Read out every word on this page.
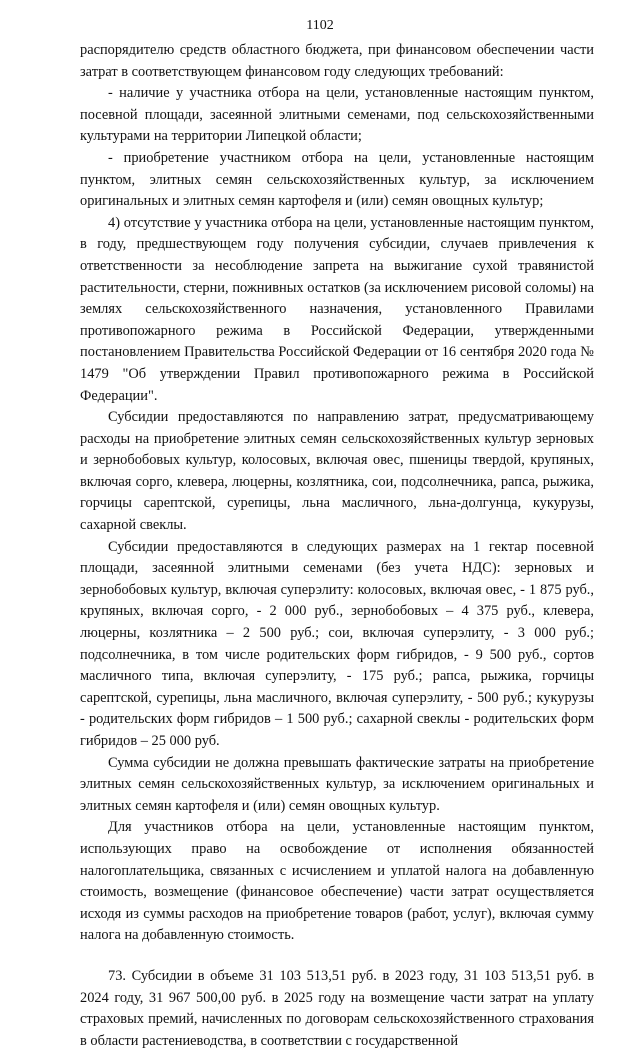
1102

распорядителю средств областного бюджета, при финансовом обеспечении части затрат в соответствующем финансовом году следующих требований:

- наличие у участника отбора на цели, установленные настоящим пунктом, посевной площади, засеянной элитными семенами, под сельскохозяйственными культурами на территории Липецкой области;

- приобретение участником отбора на цели, установленные настоящим пунктом, элитных семян сельскохозяйственных культур, за исключением оригинальных и элитных семян картофеля и (или) семян овощных культур;

4) отсутствие у участника отбора на цели, установленные настоящим пунктом, в году, предшествующем году получения субсидии, случаев привлечения к ответственности за несоблюдение запрета на выжигание сухой травянистой растительности, стерни, пожнивных остатков (за исключением рисовой соломы) на землях сельскохозяйственного назначения, установленного Правилами противопожарного режима в Российской Федерации, утвержденными постановлением Правительства Российской Федерации от 16 сентября 2020 года № 1479 "Об утверждении Правил противопожарного режима в Российской Федерации".

Субсидии предоставляются по направлению затрат, предусматривающему расходы на приобретение элитных семян сельскохозяйственных культур зерновых и зернобобовых культур, колосовых, включая овес, пшеницы твердой, крупяных, включая сорго, клевера, люцерны, козлятника, сои, подсолнечника, рапса, рыжика, горчицы сарептской, сурепицы, льна масличного, льна-долгунца, кукурузы, сахарной свеклы.

Субсидии предоставляются в следующих размерах на 1 гектар посевной площади, засеянной элитными семенами (без учета НДС): зерновых и зернобобовых культур, включая суперэлиту: колосовых, включая овес, - 1 875 руб., крупяных, включая сорго, - 2 000 руб., зернобобовых – 4 375 руб., клевера, люцерны, козлятника – 2 500 руб.; сои, включая суперэлиту, - 3 000 руб.; подсолнечника, в том числе родительских форм гибридов, - 9 500 руб., сортов масличного типа, включая суперэлиту, - 175 руб.; рапса, рыжика, горчицы сарептской, сурепицы, льна масличного, включая суперэлиту, - 500 руб.; кукурузы - родительских форм гибридов – 1 500 руб.; сахарной свеклы - родительских форм гибридов – 25 000 руб.

Сумма субсидии не должна превышать фактические затраты на приобретение элитных семян сельскохозяйственных культур, за исключением оригинальных и элитных семян картофеля и (или) семян овощных культур.

Для участников отбора на цели, установленные настоящим пунктом, использующих право на освобождение от исполнения обязанностей налогоплательщика, связанных с исчислением и уплатой налога на добавленную стоимость, возмещение (финансовое обеспечение) части затрат осуществляется исходя из суммы расходов на приобретение товаров (работ, услуг), включая сумму налога на добавленную стоимость.

73. Субсидии в объеме 31 103 513,51 руб. в 2023 году, 31 103 513,51 руб. в 2024 году, 31 967 500,00 руб. в 2025 году на возмещение части затрат на уплату страховых премий, начисленных по договорам сельскохозяйственного страхования в области растениеводства, в соответствии с государственной
